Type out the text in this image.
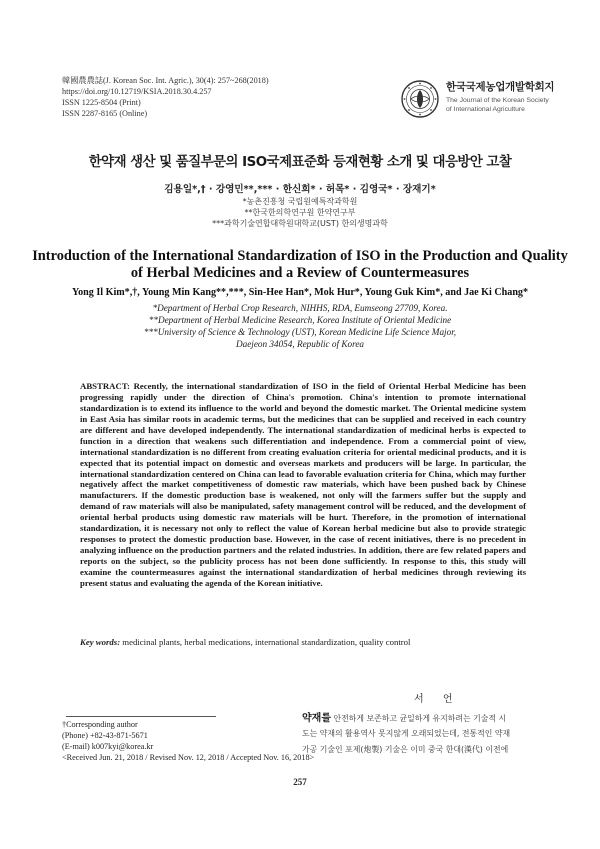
韓國農農誌(J. Korean Soc. Int. Agric.), 30(4): 257~268(2018)
https://doi.org/10.12719/KSIA.2018.30.4.257
ISSN 1225-8504 (Print)
ISSN 2287-8165 (Online)
한국국제농업개발학회지
The Journal of the Korean Society
of International Agriculture
한약재 생산 및 품질부문의 ISO국제표준화 등재현황 소개 및 대응방안 고찰
김용일*,† · 강영민**,*** · 한신희* · 허목* · 김영국* · 장재기*
*농촌진흥청 국립원예특작과학원
**한국한의학연구원 한약연구부
***과학기술연합대학원대학교(UST) 한의생명과학
Introduction of the International Standardization of ISO in the Production and Quality of Herbal Medicines and a Review of Countermeasures
Yong Il Kim*,†, Young Min Kang**,***, Sin-Hee Han*, Mok Hur*, Young Guk Kim*, and Jae Ki Chang*
*Department of Herbal Crop Research, NIHHS, RDA, Eumseong 27709, Korea.
**Department of Herbal Medicine Research, Korea Institute of Oriental Medicine
***University of Science & Technology (UST), Korean Medicine Life Science Major,
Daejeon 34054, Republic of Korea

ABSTRACT: Recently, the international standardization of ISO in the field of Oriental Herbal Medicine has been progressing rapidly under the direction of China's promotion. China's intention to promote international standardization is to extend its influence to the world and beyond the domestic market. The Oriental medicine system in East Asia has similar roots in academic terms, but the medicines that can be supplied and received in each country are different and have developed independently. The international standardization of medicinal herbs is expected to function in a direction that weakens such differentiation and independence. From a commercial point of view, international standardization is no different from creating evaluation criteria for oriental medicinal products, and it is expected that its potential impact on domestic and overseas markets and producers will be large. In particular, the international standardization centered on China can lead to favorable evaluation criteria for China, which may further negatively affect the market competitiveness of domestic raw materials, which have been pushed back by Chinese manufacturers. If the domestic production base is weakened, not only will the farmers suffer but the supply and demand of raw materials will also be manipulated, safety management control will be reduced, and the development of oriental herbal products using domestic raw materials will be hurt. Therefore, in the promotion of international standardization, it is necessary not only to reflect the value of Korean herbal medicine but also to provide strategic responses to protect the domestic production base. However, in the case of recent initiatives, there is no precedent in analyzing influence on the production partners and the related industries. In addition, there are few related papers and reports on the subject, so the publicity process has not been done sufficiently. In response to this, this study will examine the countermeasures against the international standardization of herbal medicines through reviewing its present status and evaluating the agenda of the Korean initiative.

Key words: medicinal plants, herbal medications, international standardization, quality control
서 언
†Corresponding author
(Phone) +82-43-871-5671
(E-mail) k007kyi@korea.kr
<Received Jun. 21, 2018 / Revised Nov. 12, 2018 / Accepted Nov. 16, 2018>
약재를 안전하게 보존하고 균일하게 유지하려는 기술적 시
도는 약재의 활용역사 못지않게 오래되었는데, 전통적인 약재
가공 기술인 포제(炮製) 기술은 이미 중국 한대(漢代) 이전에
257
